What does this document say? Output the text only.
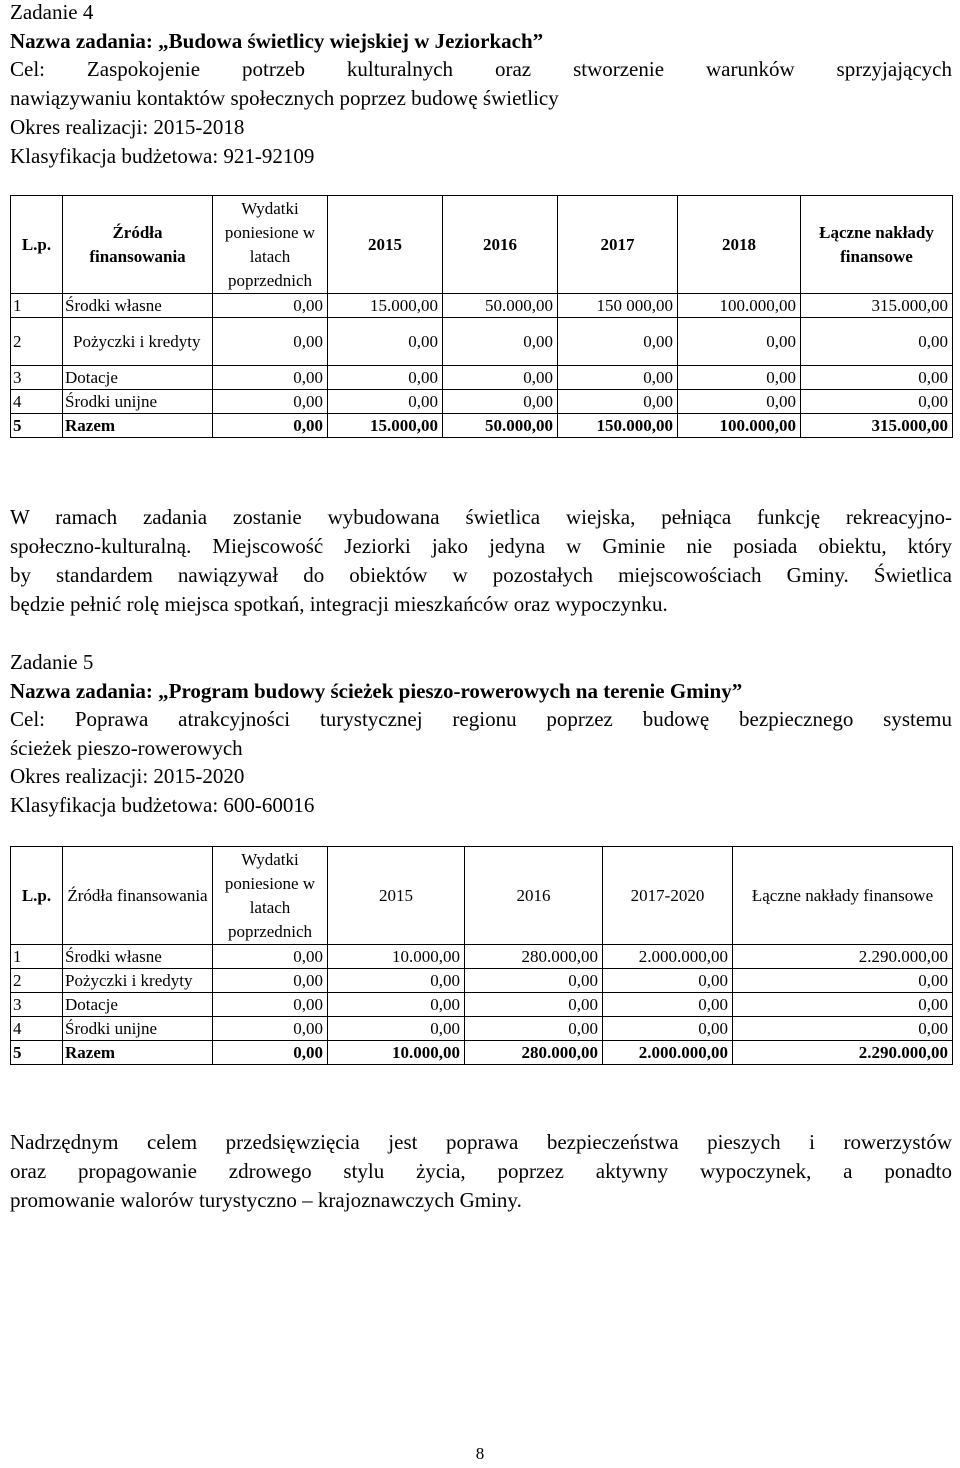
Zadanie 4
Nazwa zadania: „Budowa świetlicy wiejskiej w Jeziorkach”
Cel: Zaspokojenie potrzeb kulturalnych oraz stworzenie warunków sprzyjających
nawiązywaniu kontaktów społecznych poprzez budowę świetlicy
Okres realizacji: 2015-2018
Klasyfikacja budżetowa: 921-92109
L.p.	Źródła finansowania	Wydatki poniesione w latach poprzednich	2015	2016	2017	2018	Łączne nakłady finansowe
1	Środki własne	0,00	15.000,00	50.000,00	150 000,00	100.000,00	315.000,00
2	Pożyczki i kredyty	0,00	0,00	0,00	0,00	0,00	0,00
3	Dotacje	0,00	0,00	0,00	0,00	0,00	0,00
4	Środki unijne	0,00	0,00	0,00	0,00	0,00	0,00
5	Razem	0,00	15.000,00	50.000,00	150.000,00	100.000,00	315.000,00
W ramach zadania zostanie wybudowana świetlica wiejska, pełniąca funkcję rekreacyjno-
społeczno-kulturalną. Miejscowość Jeziorki jako jedyna w Gminie nie posiada obiektu, który
by standardem nawiązywał do obiektów w pozostałych miejscowościach Gminy. Świetlica
będzie pełnić rolę miejsca spotkań, integracji mieszkańców oraz wypoczynku.
Zadanie 5
Nazwa zadania: „Program budowy ścieżek pieszo-rowerowych na terenie Gminy”
Cel: Poprawa atrakcyjności turystycznej regionu poprzez budowę bezpiecznego systemu
ścieżek pieszo-rowerowych
Okres realizacji: 2015-2020
Klasyfikacja budżetowa: 600-60016
L.p.	Źródła finansowania	Wydatki poniesione w latach poprzednich	2015	2016	2017-2020	Łączne nakłady finansowe
1	Środki własne	0,00	10.000,00	280.000,00	2.000.000,00	2.290.000,00
2	Pożyczki i kredyty	0,00	0,00	0,00	0,00	0,00
3	Dotacje	0,00	0,00	0,00	0,00	0,00
4	Środki unijne	0,00	0,00	0,00	0,00	0,00
5	Razem	0,00	10.000,00	280.000,00	2.000.000,00	2.290.000,00
Nadrzędnym celem przedsięwzięcia jest poprawa bezpieczeństwa pieszych i rowerzystów
oraz propagowanie zdrowego stylu życia, poprzez aktywny wypoczynek, a ponadto
promowanie walorów turystyczno – krajoznawczych Gminy.
8
